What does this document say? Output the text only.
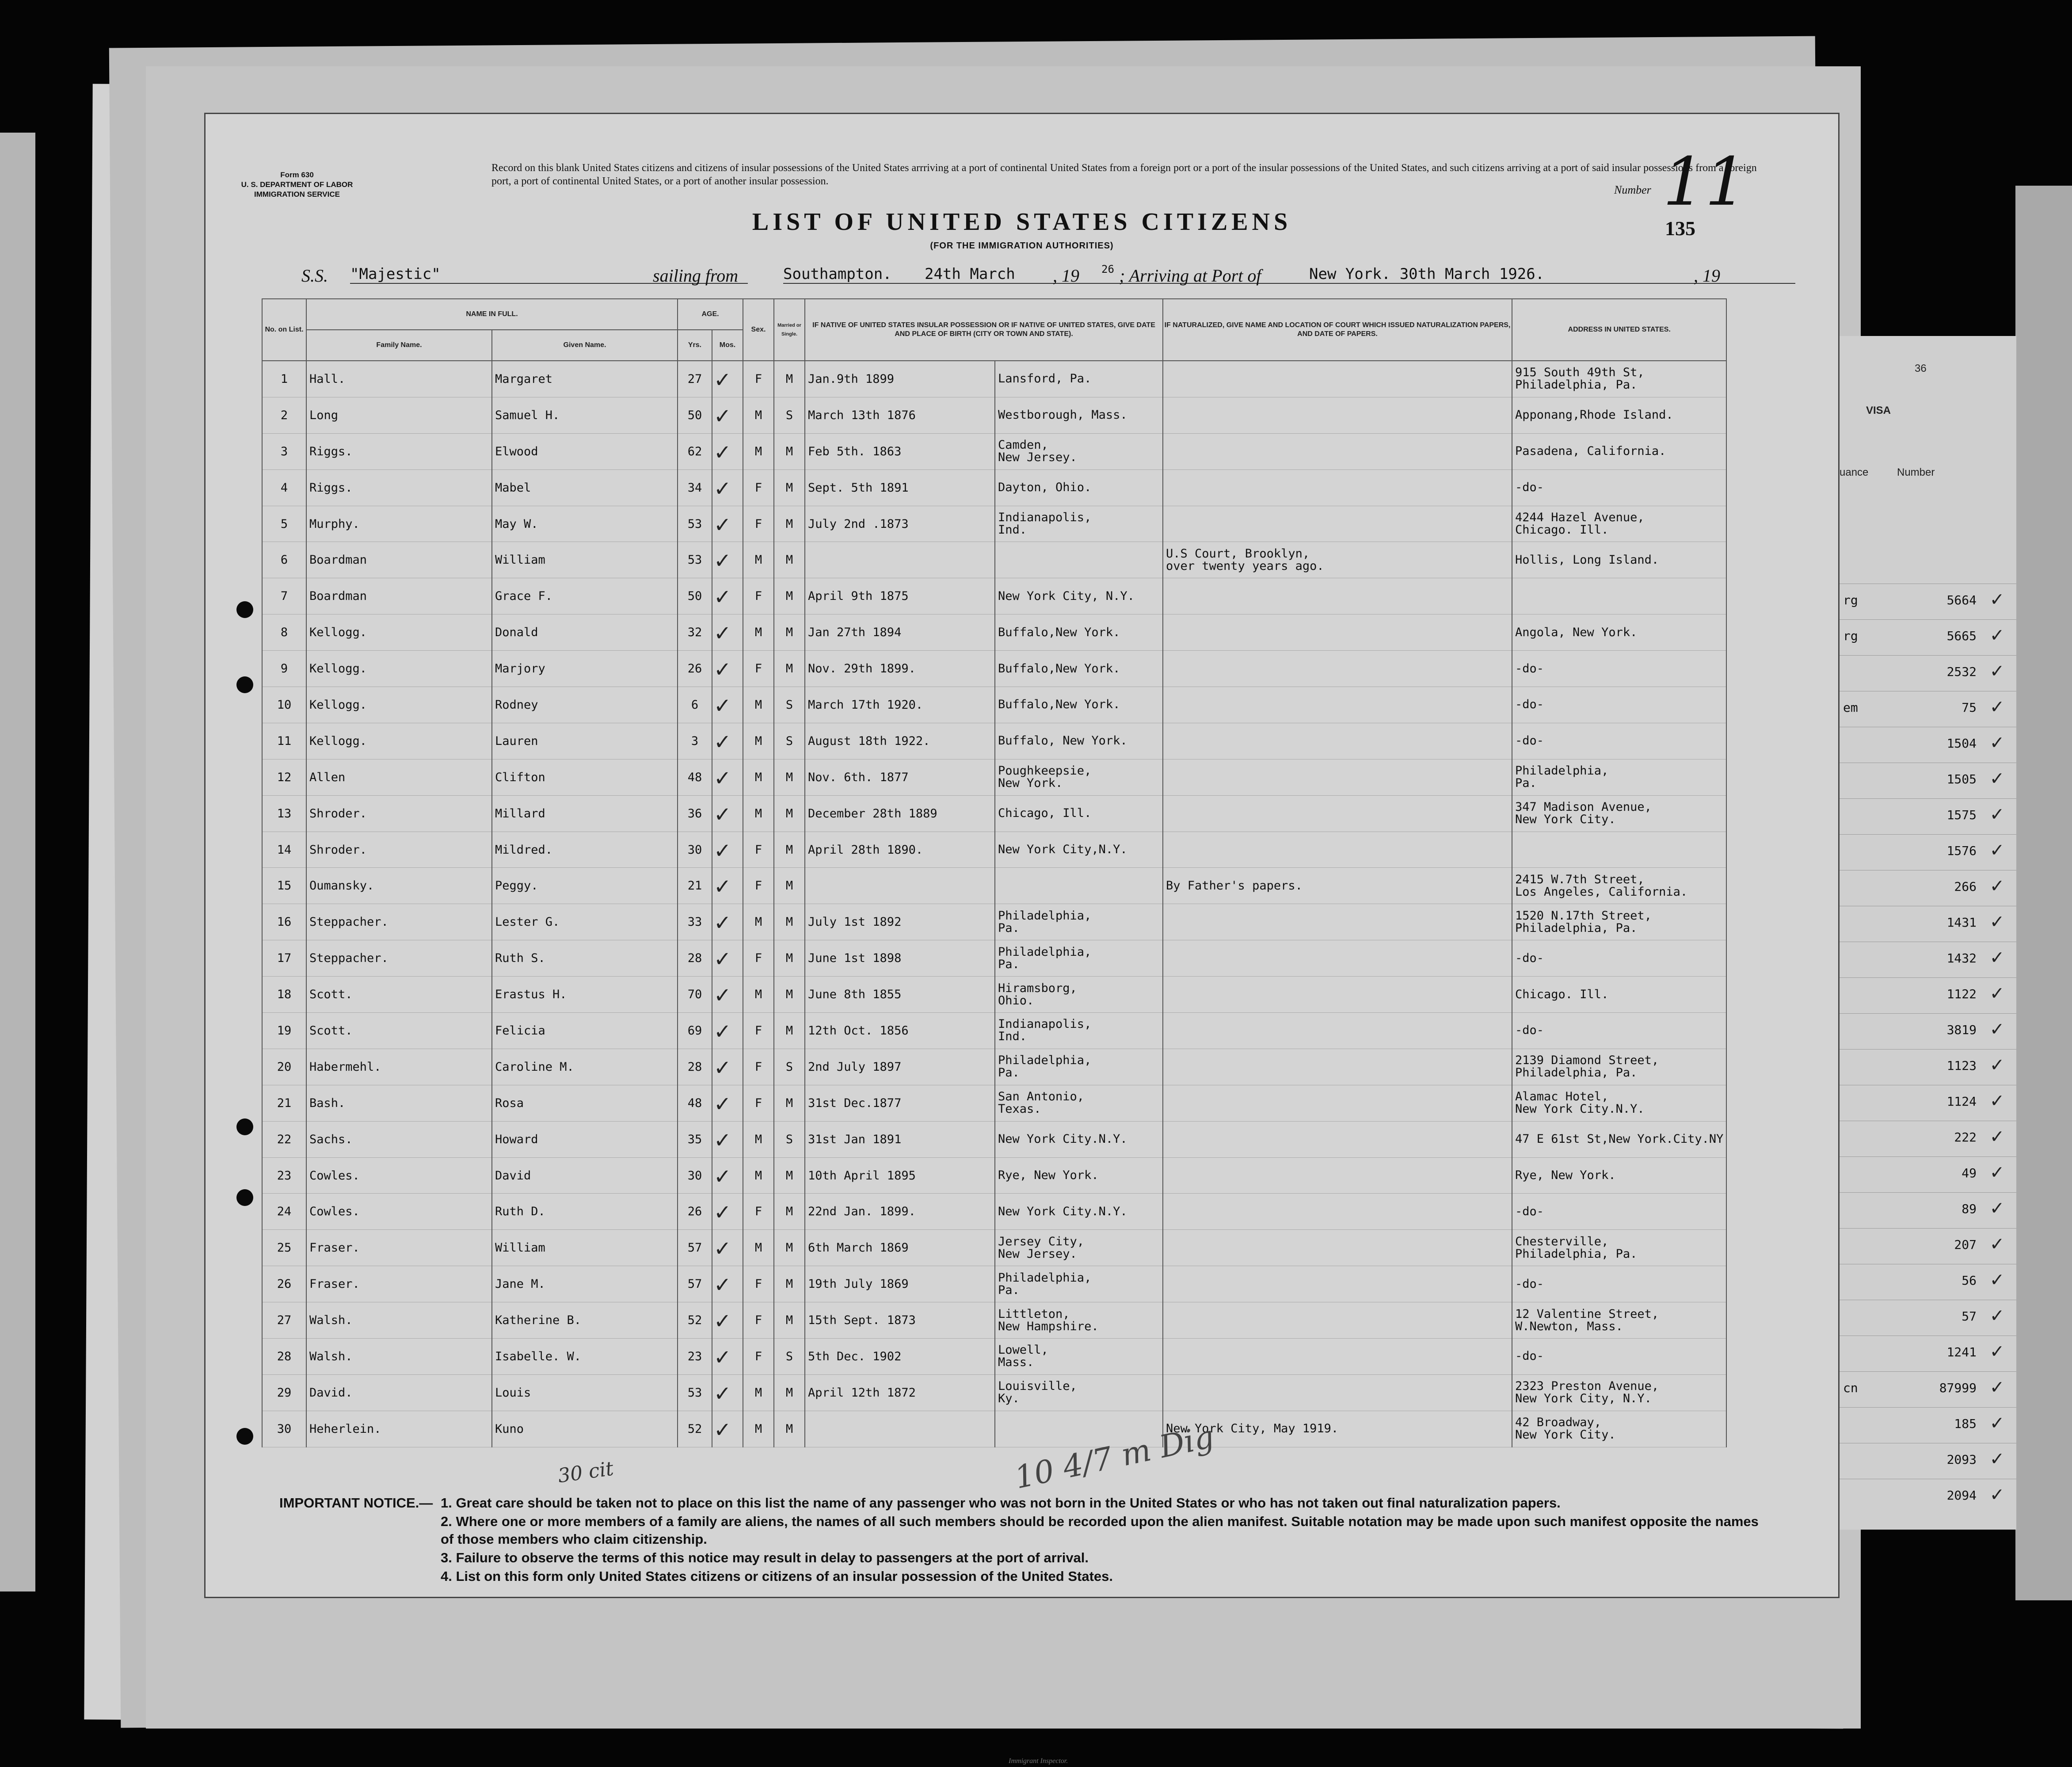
36
VISA
uance	Number
rg	5664 ✓
rg	5665 ✓
2532 ✓
em	75 ✓
1504 ✓
1505 ✓
1575 ✓
1576 ✓
266 ✓
1431 ✓
1432 ✓
1122 ✓
3819 ✓
1123 ✓
1124 ✓
222 ✓
49 ✓
89 ✓
207 ✓
56 ✓
57 ✓
1241 ✓
cn	87999 ✓
185 ✓
2093 ✓
2094 ✓
Form 630
U. S. DEPARTMENT OF LABOR
IMMIGRATION SERVICE
Record on this blank United States citizens and citizens of insular possessions of the United States arrriving at a port of continental United States from a foreign port or a port of the insular possessions of the United States, and such citizens arriving at a port of said insular possessions from a foreign port, a port of continental United States, or a port of another insular possession.
Number 11
135
LIST OF UNITED STATES CITIZENS
(FOR THE IMMIGRATION AUTHORITIES)
S.S. "Majestic"	sailing from	Southampton.	24th March , 19 26 ; Arriving at Port of	New York. 30th March 1926.	, 19
No. on List.	NAME IN FULL.		AGE.		Sex.	Married or Single.	IF NATIVE OF UNITED STATES INSULAR POSSESSION OR IF NATIVE OF UNITED STATES, GIVE DATE AND PLACE OF BIRTH (CITY OR TOWN AND STATE).		IF NATURALIZED, GIVE NAME AND LOCATION OF COURT WHICH ISSUED NATURALIZATION PAPERS, AND DATE OF PAPERS.	ADDRESS IN UNITED STATES.
	Family Name.	Given Name.	Yrs.	Mos.						
1	Hall.	Margaret	27	✓	F	M	Jan.9th 1899	Lansford, Pa.		915 South 49th St,
Philadelphia, Pa.

2	Long	Samuel H.	50	✓	M	S	March 13th 1876	Westborough, Mass.		Apponang,Rhode Island.

3	Riggs.	Elwood	62	✓	M	M	Feb 5th. 1863	Camden,
New Jersey.		Pasadena, California.

4	Riggs.	Mabel	34	✓	F	M	Sept. 5th 1891	Dayton, Ohio.		-do-

5	Murphy.	May W.	53	✓	F	M	July 2nd .1873	Indianapolis,
Ind.		4244 Hazel Avenue,
Chicago. Ill.

6	Boardman	William	53	✓	M	M			U.S Court, Brooklyn,
over twenty years ago.	Hollis, Long Island.

7	Boardman	Grace F.	50	✓	F	M	April 9th 1875	New York City, N.Y.		

8	Kellogg.	Donald	32	✓	M	M	Jan 27th 1894	Buffalo,New York.		Angola, New York.

9	Kellogg.	Marjory	26	✓	F	M	Nov. 29th 1899.	Buffalo,New York.		-do-

10	Kellogg.	Rodney	6	✓	M	S	March 17th 1920.	Buffalo,New York.		-do-

11	Kellogg.	Lauren	3	✓	M	S	August 18th 1922.	Buffalo, New York.		-do-

12	Allen	Clifton	48	✓	M	M	Nov. 6th. 1877	Poughkeepsie,
New York.		Philadelphia,
Pa.

13	Shroder.	Millard	36	✓	M	M	December 28th 1889	Chicago, Ill.		347 Madison Avenue,
New York City.

14	Shroder.	Mildred.	30	✓	F	M	April 28th 1890.	New York City,N.Y.		

15	Oumansky.	Peggy.	21	✓	F	M			By Father's papers.	2415 W.7th Street,
Los Angeles, California.

16	Steppacher.	Lester G.	33	✓	M	M	July 1st 1892	Philadelphia,
Pa.		1520 N.17th Street,
Philadelphia, Pa.

17	Steppacher.	Ruth S.	28	✓	F	M	June 1st 1898	Philadelphia,
Pa.		-do-

18	Scott.	Erastus H.	70	✓	M	M	June 8th 1855	Hiramsborg,
Ohio.		Chicago. Ill.

19	Scott.	Felicia	69	✓	F	M	12th Oct. 1856	Indianapolis,
Ind.		-do-

20	Habermehl.	Caroline M.	28	✓	F	S	2nd July 1897	Philadelphia,
Pa.		2139 Diamond Street,
Philadelphia, Pa.

21	Bash.	Rosa	48	✓	F	M	31st Dec.1877	San Antonio,
Texas.		Alamac Hotel,
New York City.N.Y.

22	Sachs.	Howard	35	✓	M	S	31st Jan 1891	New York City.N.Y.		47 E 61st St,New York.City.NY

23	Cowles.	David	30	✓	M	M	10th April 1895	Rye, New York.		Rye, New York.

24	Cowles.	Ruth D.	26	✓	F	M	22nd Jan. 1899.	New York City.N.Y.		-do-

25	Fraser.	William	57	✓	M	M	6th March 1869	Jersey City,
New Jersey.		Chesterville,
Philadelphia, Pa.

26	Fraser.	Jane M.	57	✓	F	M	19th July 1869	Philadelphia,
Pa.		-do-

27	Walsh.	Katherine B.	52	✓	F	M	15th Sept. 1873	Littleton,
New Hampshire.		12 Valentine Street,
W.Newton, Mass.

28	Walsh.	Isabelle. W.	23	✓	F	S	5th Dec. 1902	Lowell,
Mass.		-do-

29	David.	Louis	53	✓	M	M	April 12th 1872	Louisville,
Ky.		2323 Preston Avenue,
New York City, N.Y.

30	Heherlein.	Kuno	52	✓	M	M			New York City, May 1919.	42 Broadway,
New York City.
IMPORTANT NOTICE.— 1. Great care should be taken not to place on this list the name of any passenger who was not born in the United States or who has not taken out final naturalization papers.
2. Where one or more members of a family are aliens, the names of all such members should be recorded upon the alien manifest. Suitable notation may be made upon such manifest opposite the names of those members who claim citizenship.
3. Failure to observe the terms of this notice may result in delay to passengers at the port of arrival.
4. List on this form only United States citizens or citizens of an insular possession of the United States.
30 cit	10 4/7 m Dig
Immigrant Inspector.
